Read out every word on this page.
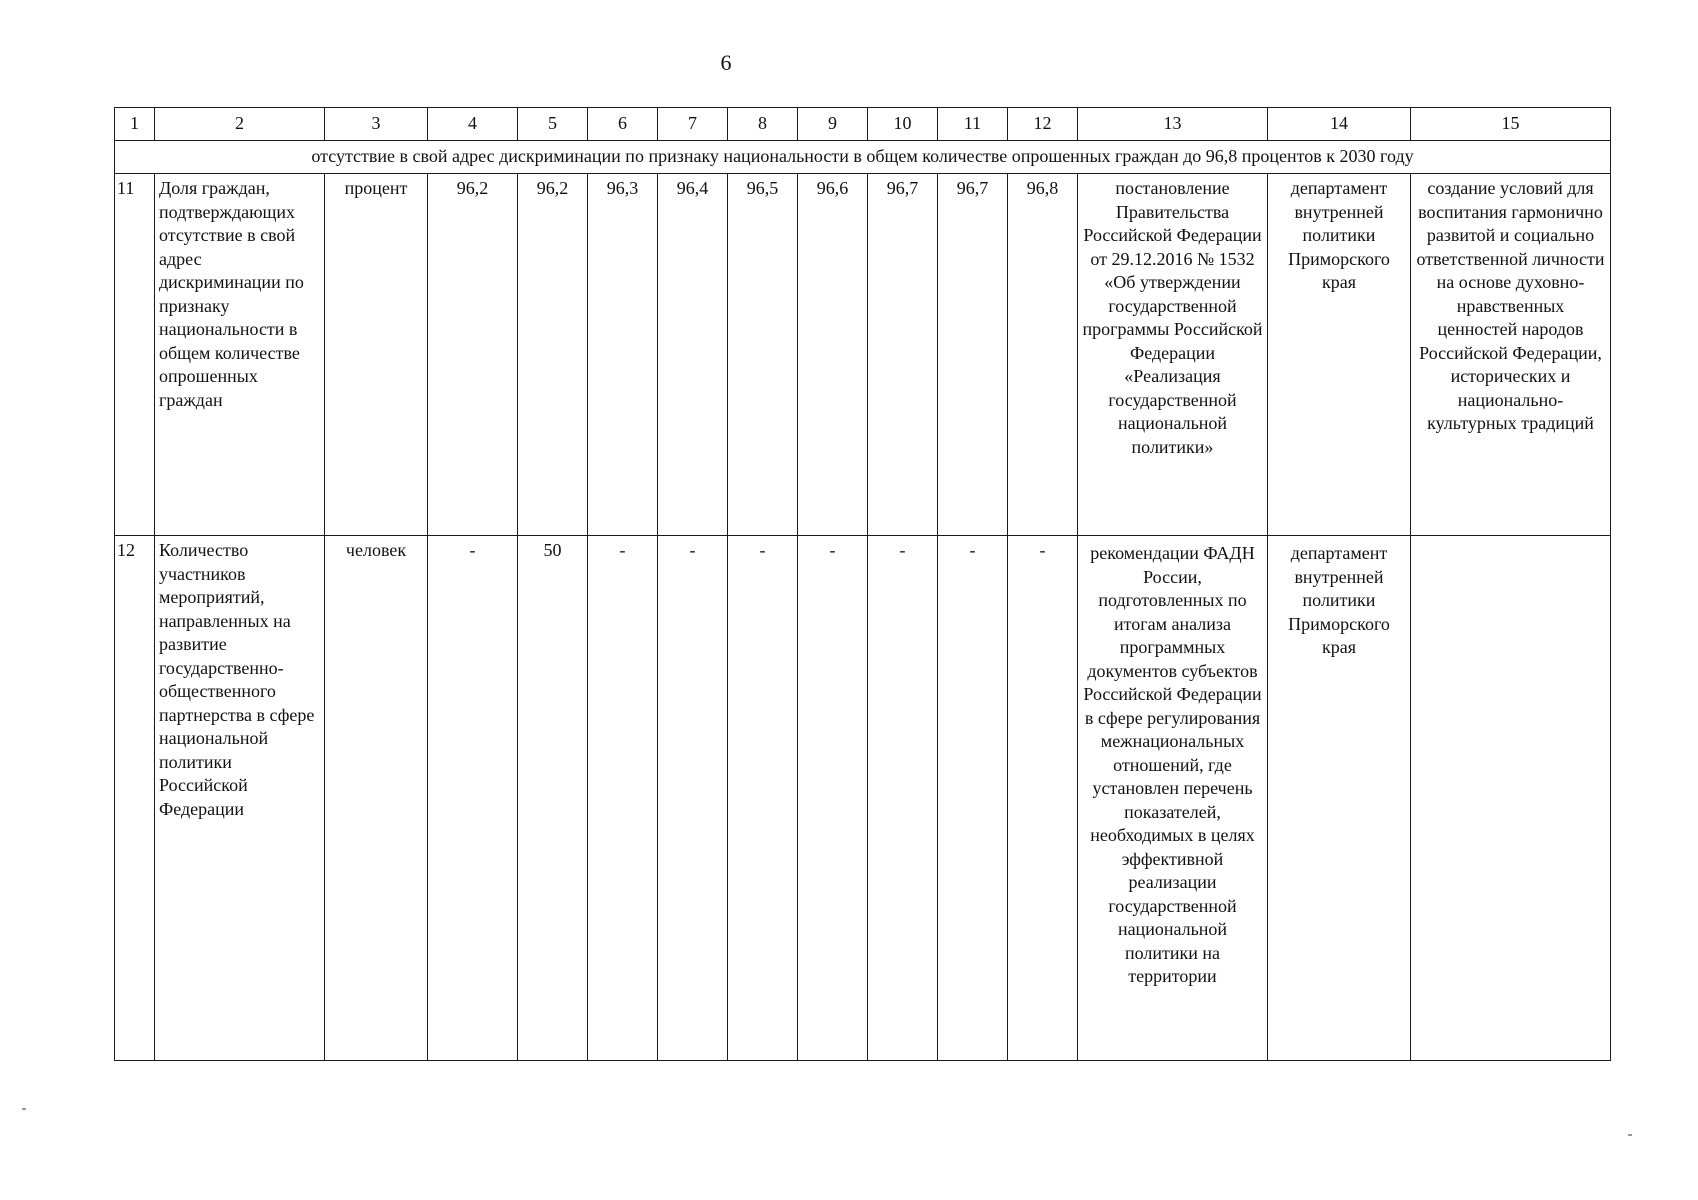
6
1	2	3	4	5	6	7	8	9	10	11	12	13	14	15
отсутствие в свой адрес дискриминации по признаку национальности в общем количестве опрошенных граждан до 96,8 процентов к 2030 году														
11	Доля граждан, подтверждающих отсутствие в свой адрес дискриминации по признаку национальности в общем количестве опрошенных граждан	процент	96,2	96,2	96,3	96,4	96,5	96,6	96,7	96,7	96,8	постановление Правительства Российской Федерации от 29.12.2016 № 1532 «Об утверждении государственной программы Российской Федерации «Реализация государственной национальной политики»	департамент внутренней политики Приморского края	создание условий для воспитания гармонично развитой и социально ответственной личности на основе духовно-нравственных ценностей народов Российской Федерации, исторических и национально-культурных традиций
12	Количество участников мероприятий, направленных на развитие государственно-общественного партнерства в сфере национальной политики Российской Федерации	человек	-	50	-	-	-	-	-	-	-	рекомендации ФАДН России, подготовленных по итогам анализа программных документов субъектов Российской Федерации в сфере регулирования межнациональных отношений, где установлен перечень показателей, необходимых в целях эффективной реализации государственной национальной политики на территории	департамент внутренней политики Приморского края	
